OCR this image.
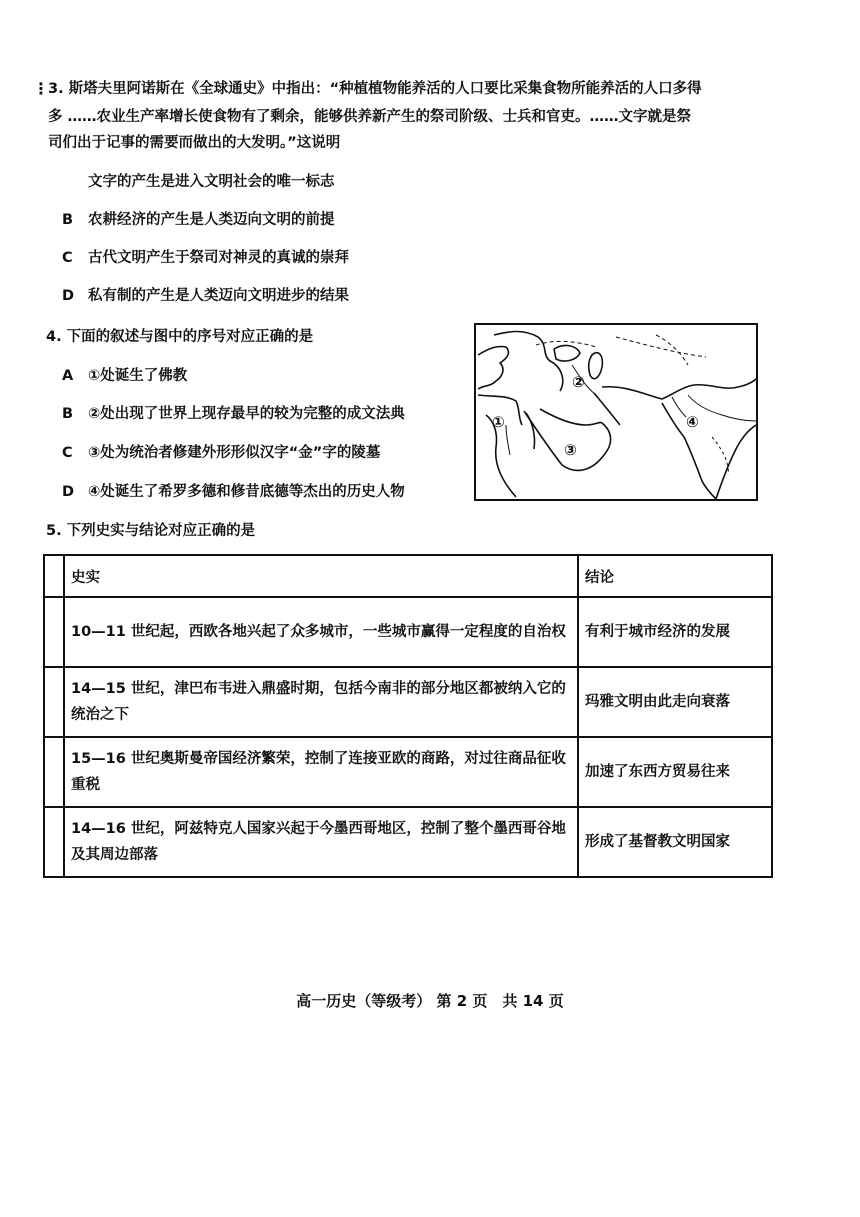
⋮ 3. 斯塔夫里阿诺斯在《全球通史》中指出：“种植植物能养活的人口要比采集食物所能养活的人口多得
多 ……农业生产率增长使食物有了剩余，能够供养新产生的祭司阶级、士兵和官吏。……文字就是祭
司们出于记事的需要而做出的大发明。”这说明
文字的产生是进入文明社会的唯一标志
B 农耕经济的产生是人类迈向文明的前提
C 古代文明产生于祭司对神灵的真诚的崇拜
D 私有制的产生是人类迈向文明进步的结果
4. 下面的叙述与图中的序号对应正确的是
A ①处诞生了佛教
B ②处出现了世界上现存最早的较为完整的成文法典
C ③处为统治者修建外形形似汉字“金”字的陵墓
D ④处诞生了希罗多德和修昔底德等杰出的历史人物
①
②
③
④
5. 下列史实与结论对应正确的是
	史实	结论
	10—11 世纪起，西欧各地兴起了众多城市，一些城市赢得一定程度的自治权	有利于城市经济的发展
	14—15 世纪，津巴布韦进入鼎盛时期，包括今南非的部分地区都被纳入它的统治之下	玛雅文明由此走向衰落
	15—16 世纪奥斯曼帝国经济繁荣，控制了连接亚欧的商路，对过往商品征收重税	加速了东西方贸易往来
	14—16 世纪，阿兹特克人国家兴起于今墨西哥地区，控制了整个墨西哥谷地及其周边部落	形成了基督教文明国家
高一历史（等级考） 第 2 页　共 14 页
